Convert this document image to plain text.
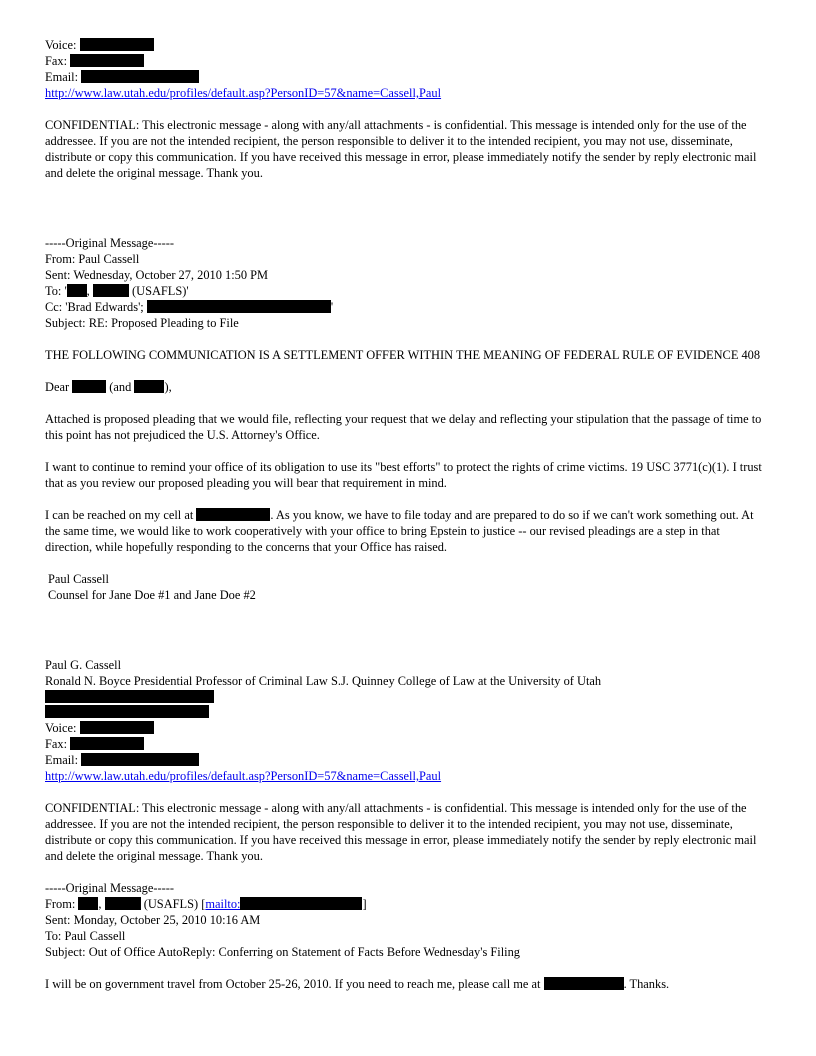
Voice:
Fax:
Email:
http://www.law.utah.edu/profiles/default.asp?PersonID=57&name=Cassell,Paul
CONFIDENTIAL: This electronic message - along with any/all attachments - is confidential. This message is intended only for the use of the addressee. If you are not the intended recipient, the person responsible to deliver it to the intended recipient, you may not use, disseminate, distribute or copy this communication. If you have received this message in error, please immediately notify the sender by reply electronic mail and delete the original message. Thank you.
-----Original Message-----
From: Paul Cassell
Sent: Wednesday, October 27, 2010 1:50 PM
To: ' ,	(USAFLS)'
Cc: 'Brad Edwards';	'
Subject: RE: Proposed Pleading to File
THE FOLLOWING COMMUNICATION IS A SETTLEMENT OFFER WITHIN THE MEANING OF FEDERAL RULE OF EVIDENCE 408
Dear	(and	),
Attached is proposed pleading that we would file, reflecting your request that we delay and reflecting your stipulation that the passage of time to this point has not prejudiced the U.S. Attorney's Office.
I want to continue to remind your office of its obligation to use its "best efforts" to protect the rights of crime victims. 19 USC 3771(c)(1). I trust that as you review our proposed pleading you will bear that requirement in mind.
I can be reached on my cell at	. As you know, we have to file today and are prepared to do so if we can't work something out. At the same time, we would like to work cooperatively with your office to bring Epstein to justice -- our revised pleadings are a step in that direction, while hopefully responding to the concerns that your Office has raised.
Paul Cassell
Counsel for Jane Doe #1 and Jane Doe #2
Paul G. Cassell
Ronald N. Boyce Presidential Professor of Criminal Law S.J. Quinney College of Law at the University of Utah
Voice:
Fax:
Email:
http://www.law.utah.edu/profiles/default.asp?PersonID=57&name=Cassell,Paul
CONFIDENTIAL: This electronic message - along with any/all attachments - is confidential. This message is intended only for the use of the addressee. If you are not the intended recipient, the person responsible to deliver it to the intended recipient, you may not use, disseminate, distribute or copy this communication. If you have received this message in error, please immediately notify the sender by reply electronic mail and delete the original message. Thank you.
-----Original Message-----
From: ,	(USAFLS) [mailto:	]
Sent: Monday, October 25, 2010 10:16 AM
To: Paul Cassell
Subject: Out of Office AutoReply: Conferring on Statement of Facts Before Wednesday's Filing
I will be on government travel from October 25-26, 2010. If you need to reach me, please call me at	. Thanks.
